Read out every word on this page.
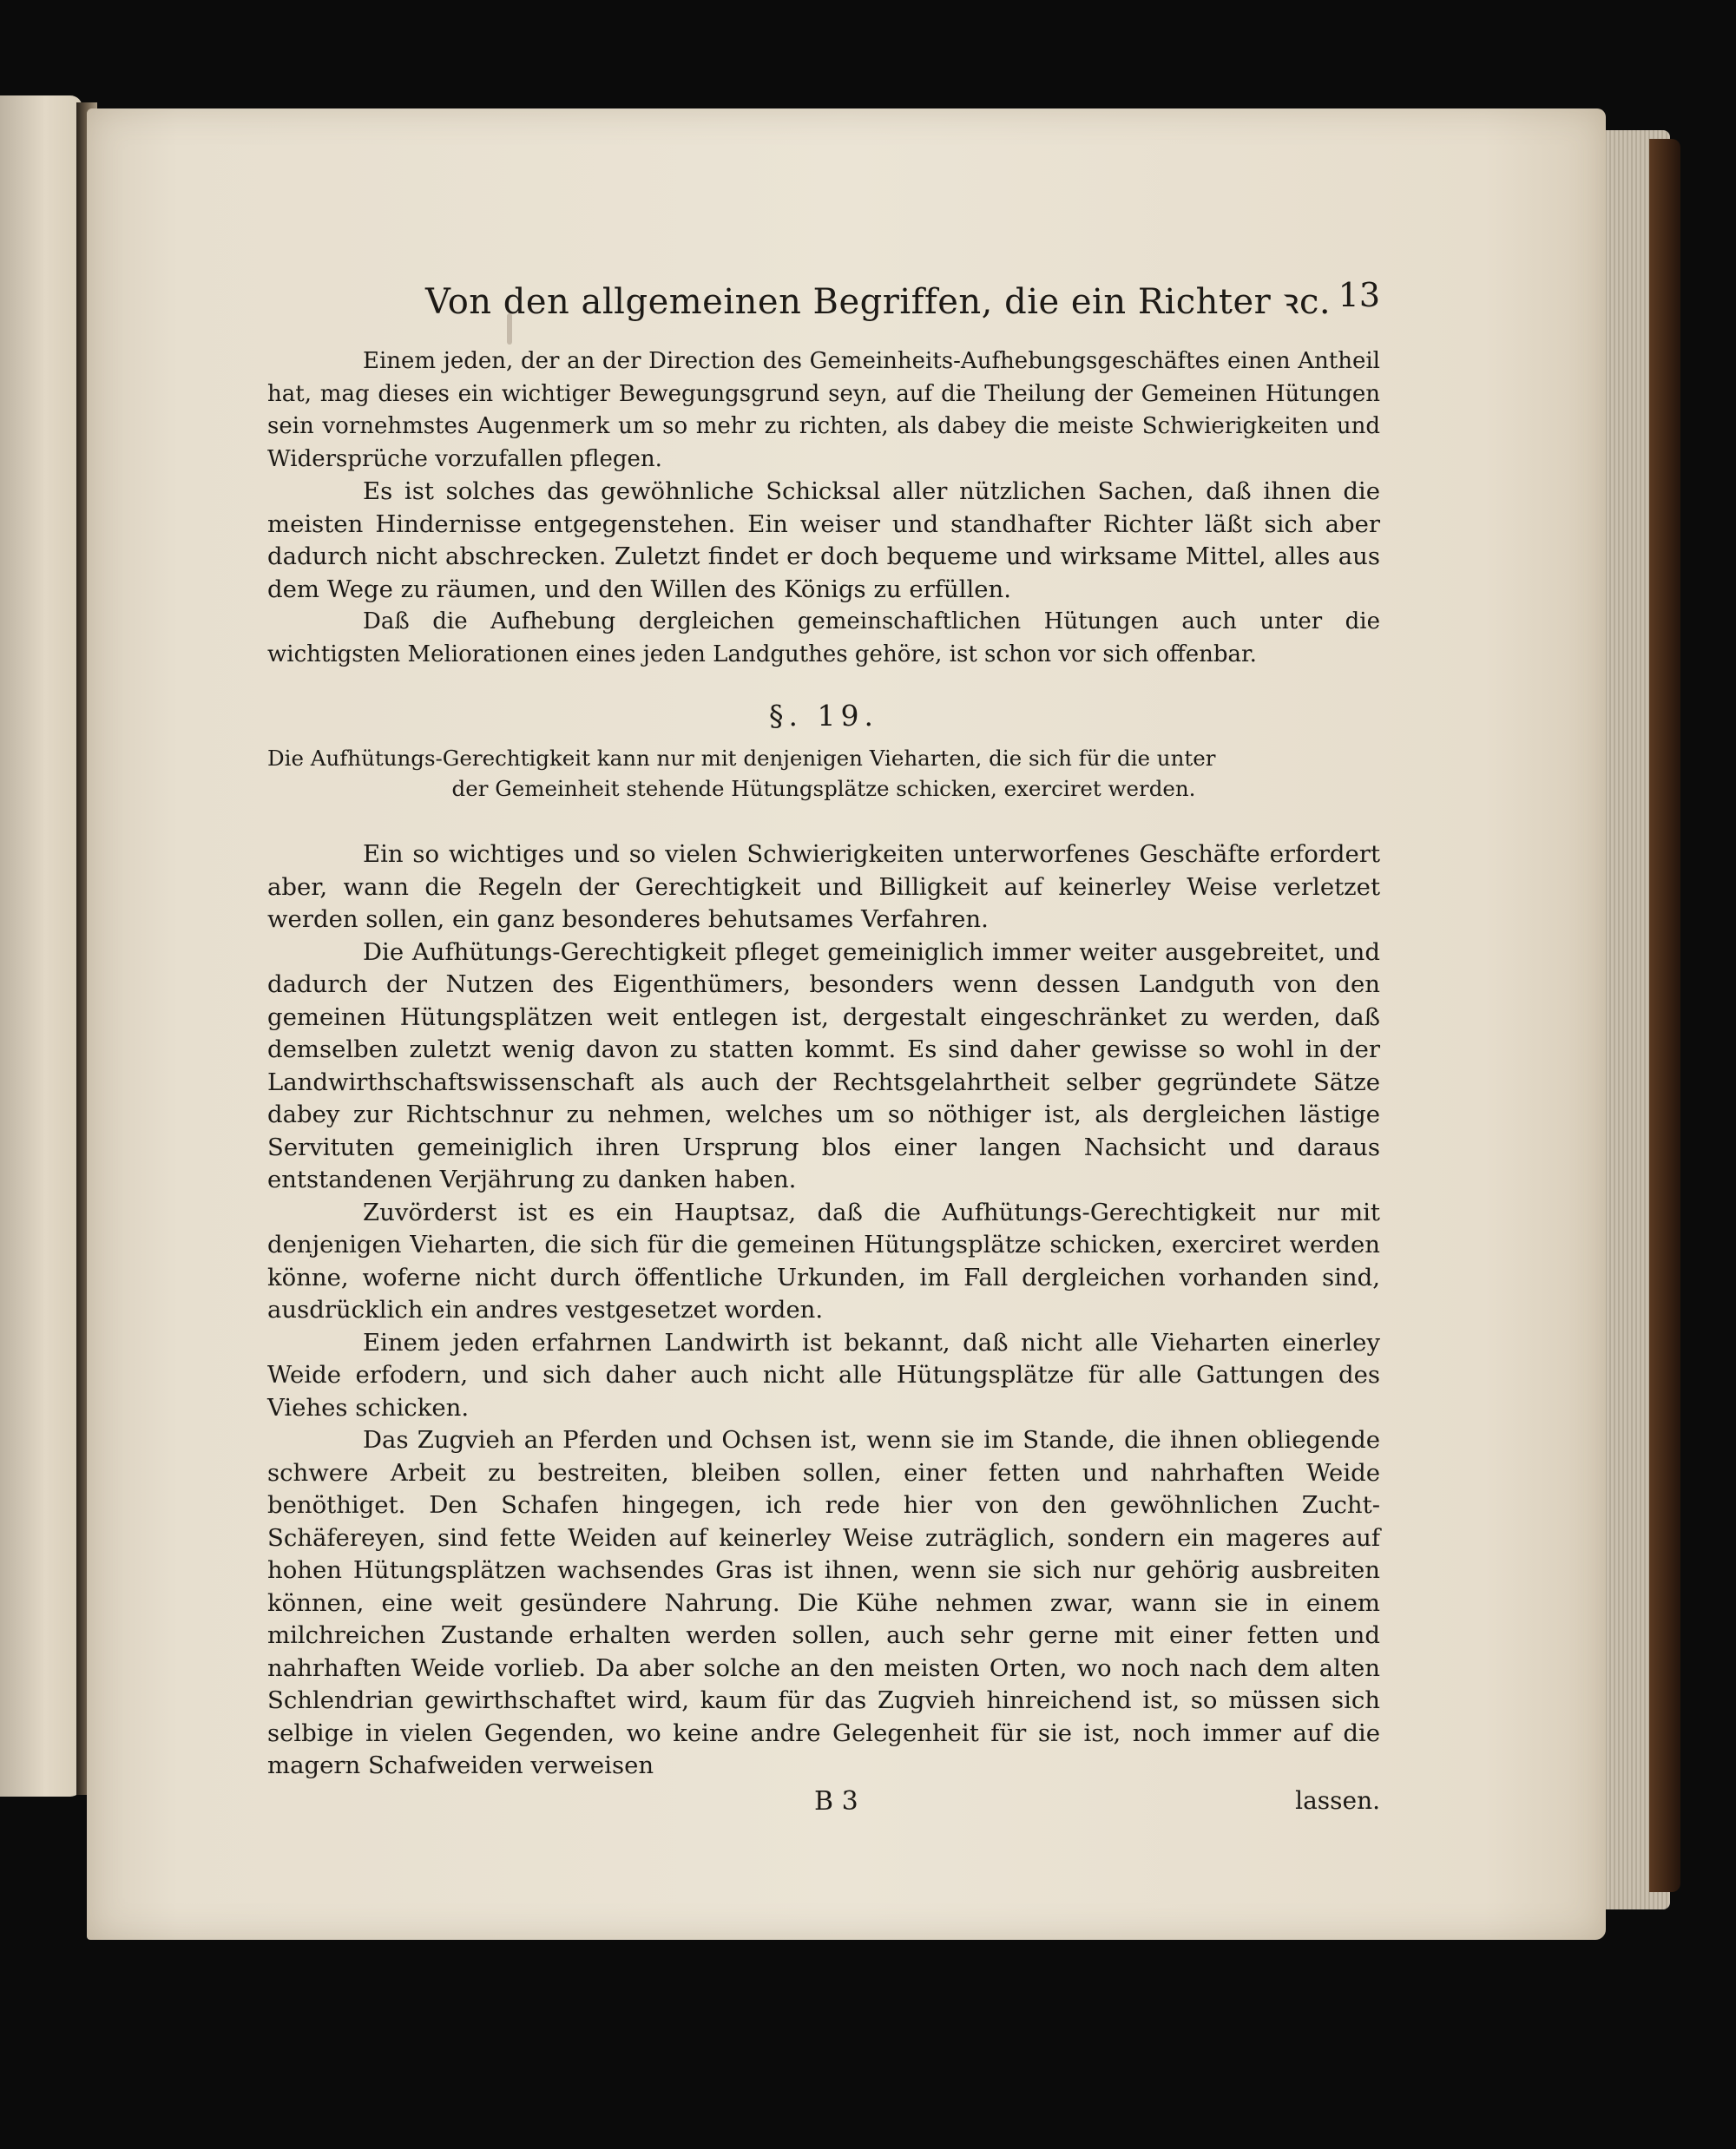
Von den allgemeinen Begriffen, die ein Richter ꝛc. 13

Einem jeden, der an der Direction des Gemeinheits-Aufhebungsgeschäftes einen Antheil hat, mag dieses ein wichtiger Bewegungsgrund seyn, auf die Theilung der Gemeinen Hütungen sein vornehmstes Augenmerk um so mehr zu richten, als dabey die meiste Schwierigkeiten und Widersprüche vorzufallen pflegen.

Es ist solches das gewöhnliche Schicksal aller nützlichen Sachen, daß ihnen die meisten Hindernisse entgegenstehen. Ein weiser und standhafter Richter läßt sich aber dadurch nicht abschrecken. Zuletzt findet er doch bequeme und wirksame Mittel, alles aus dem Wege zu räumen, und den Willen des Königs zu erfüllen.

Daß die Aufhebung dergleichen gemeinschaftlichen Hütungen auch unter die wichtigsten Meliorationen eines jeden Landguthes gehöre, ist schon vor sich offenbar.

§. 19.
Die Aufhütungs-Gerechtigkeit kann nur mit denjenigen Vieharten, die sich für die unter
der Gemeinheit stehende Hütungsplätze schicken, exerciret werden.

Ein so wichtiges und so vielen Schwierigkeiten unterworfenes Geschäfte erfordert aber, wann die Regeln der Gerechtigkeit und Billigkeit auf keinerley Weise verletzet werden sollen, ein ganz besonderes behutsames Verfahren.

Die Aufhütungs-Gerechtigkeit pfleget gemeiniglich immer weiter ausgebreitet, und dadurch der Nutzen des Eigenthümers, besonders wenn dessen Landguth von den gemeinen Hütungsplätzen weit entlegen ist, dergestalt eingeschränket zu werden, daß demselben zuletzt wenig davon zu statten kommt. Es sind daher gewisse so wohl in der Landwirthschaftswissenschaft als auch der Rechtsgelahrtheit selber gegründete Sätze dabey zur Richtschnur zu nehmen, welches um so nöthiger ist, als dergleichen lästige Servituten gemeiniglich ihren Ursprung blos einer langen Nachsicht und daraus entstandenen Verjährung zu danken haben.

Zuvörderst ist es ein Hauptsaz, daß die Aufhütungs-Gerechtigkeit nur mit denjenigen Vieharten, die sich für die gemeinen Hütungsplätze schicken, exerciret werden könne, woferne nicht durch öffentliche Urkunden, im Fall dergleichen vorhanden sind, ausdrücklich ein andres vestgesetzet worden.

Einem jeden erfahrnen Landwirth ist bekannt, daß nicht alle Vieharten einerley Weide erfodern, und sich daher auch nicht alle Hütungsplätze für alle Gattungen des Viehes schicken.

Das Zugvieh an Pferden und Ochsen ist, wenn sie im Stande, die ihnen obliegende schwere Arbeit zu bestreiten, bleiben sollen, einer fetten und nahrhaften Weide benöthiget. Den Schafen hingegen, ich rede hier von den gewöhnlichen Zucht-Schäfereyen, sind fette Weiden auf keinerley Weise zuträglich, sondern ein mageres auf hohen Hütungsplätzen wachsendes Gras ist ihnen, wenn sie sich nur gehörig ausbreiten können, eine weit gesündere Nahrung. Die Kühe nehmen zwar, wann sie in einem milchreichen Zustande erhalten werden sollen, auch sehr gerne mit einer fetten und nahrhaften Weide vorlieb. Da aber solche an den meisten Orten, wo noch nach dem alten Schlendrian gewirthschaftet wird, kaum für das Zugvieh hinreichend ist, so müssen sich selbige in vielen Gegenden, wo keine andre Gelegenheit für sie ist, noch immer auf die magern Schafweiden verweisen

B 3	lassen.
